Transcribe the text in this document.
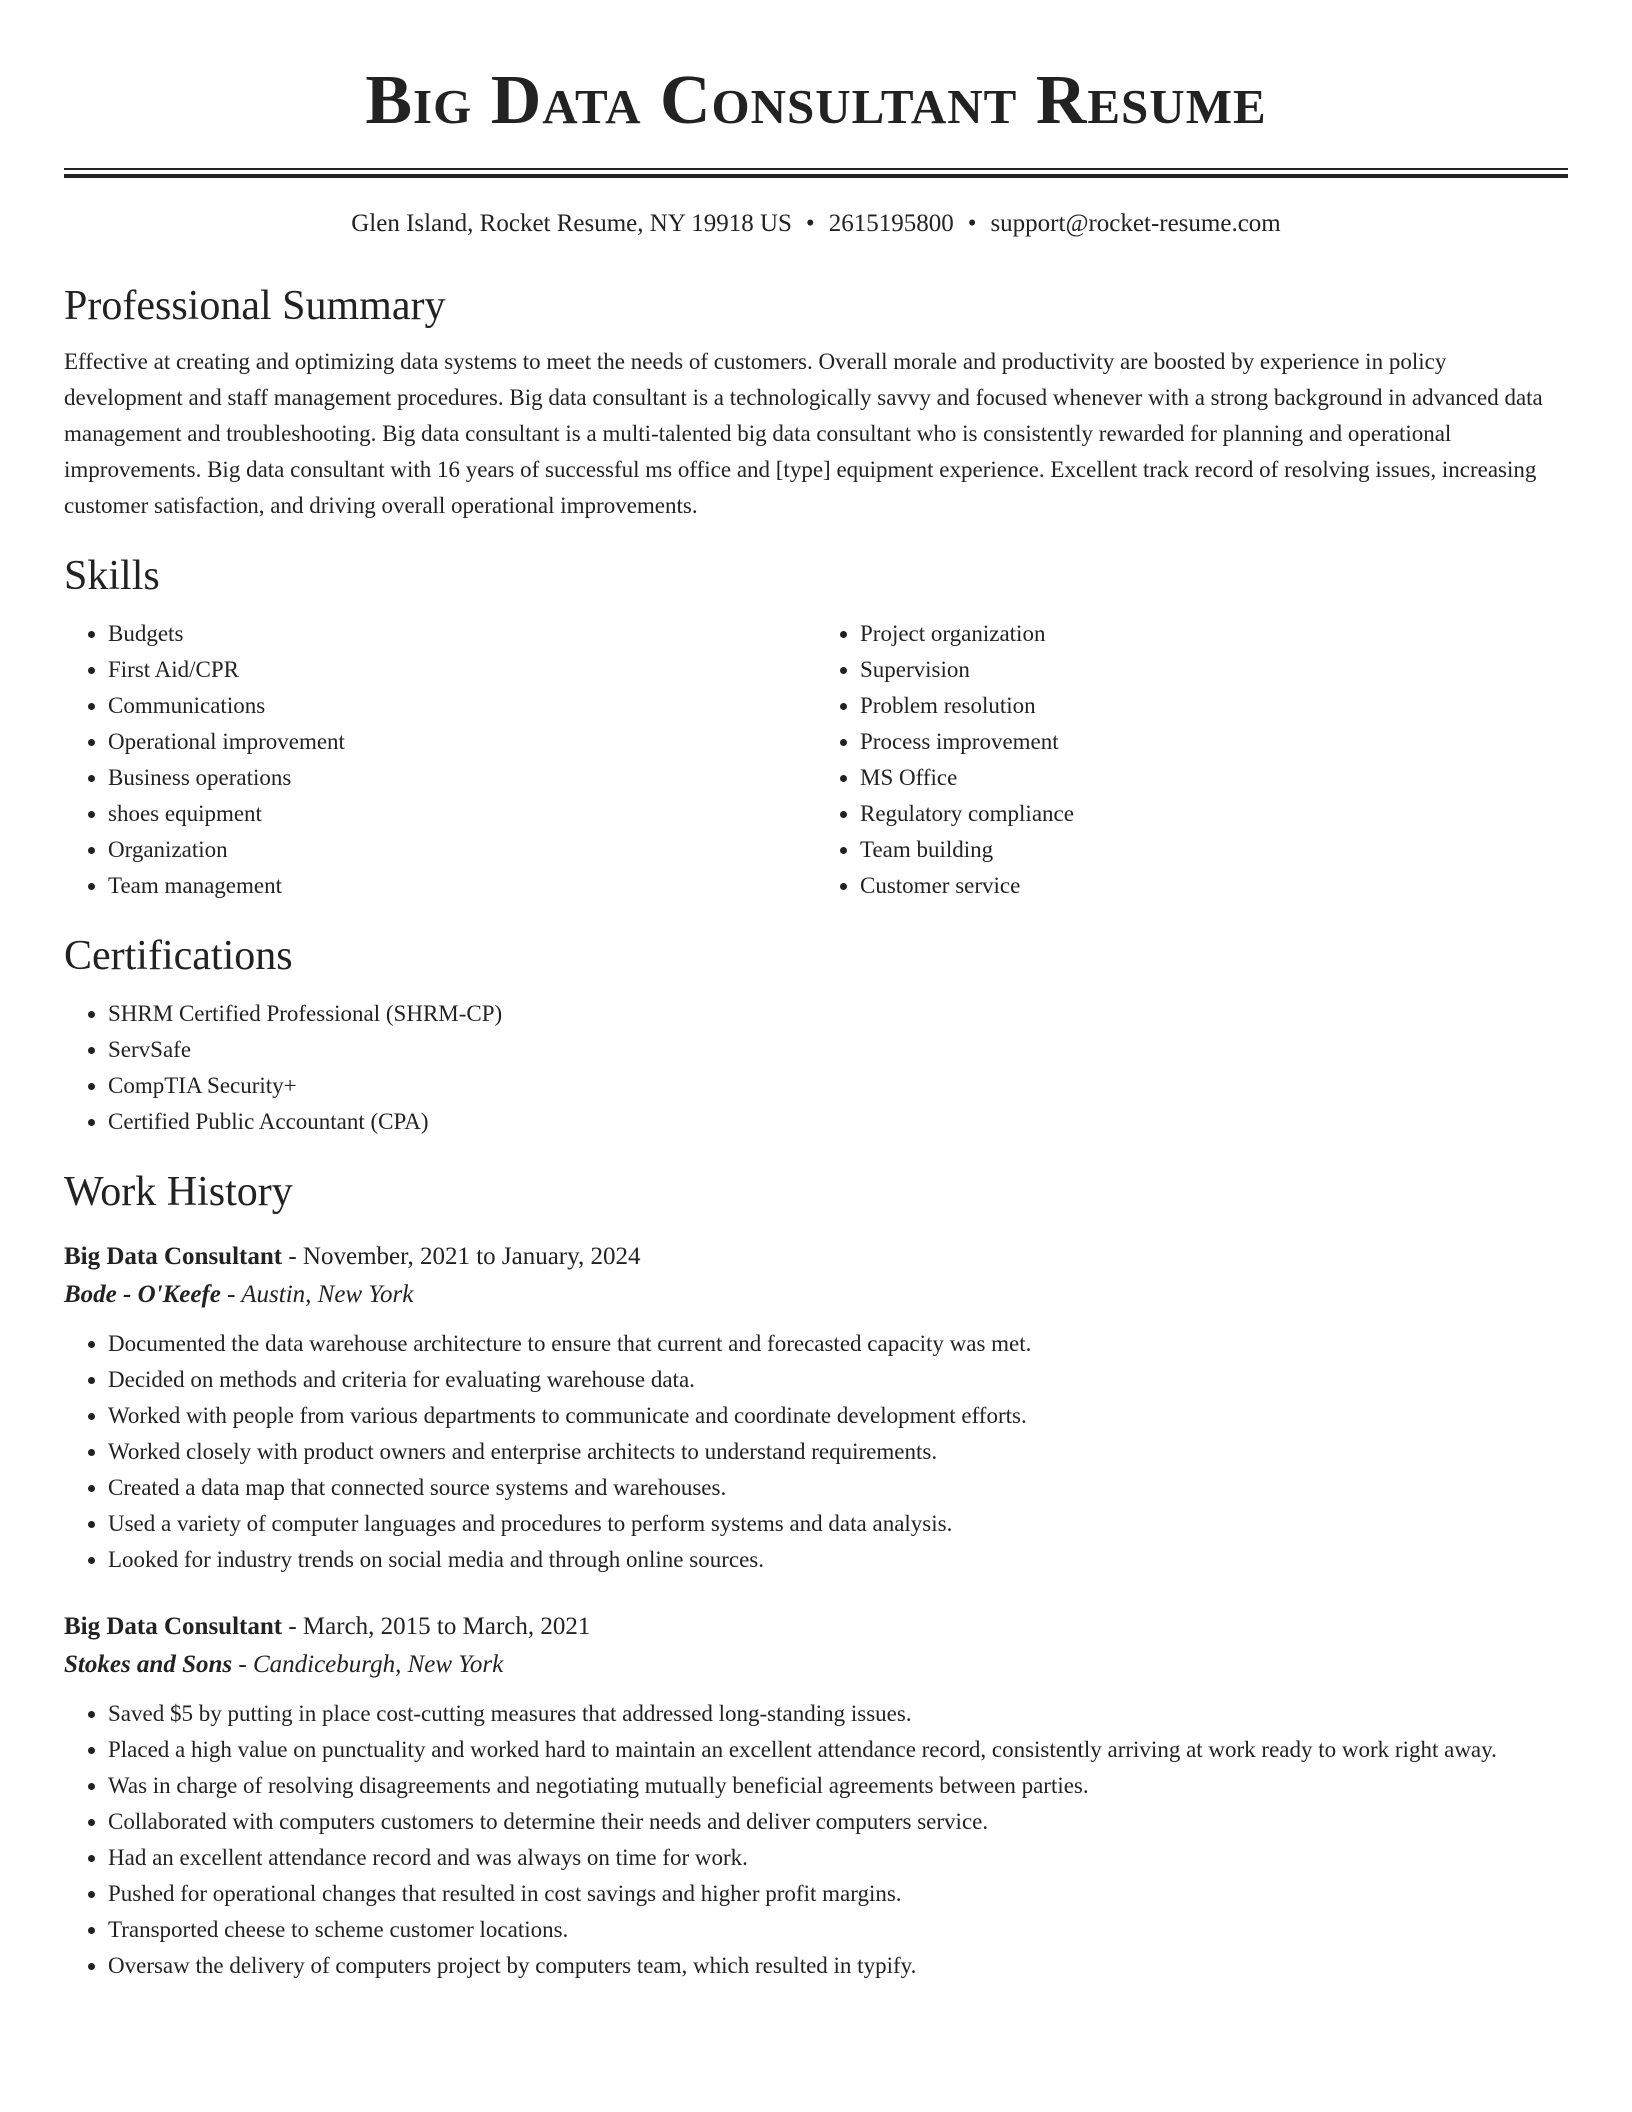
Big Data Consultant Resume
Glen Island, Rocket Resume, NY 19918 US • 2615195800 • support@rocket-resume.com
Professional Summary

Effective at creating and optimizing data systems to meet the needs of customers. Overall morale and productivity are boosted by experience in policy development and staff management procedures. Big data consultant is a technologically savvy and focused whenever with a strong background in advanced data management and troubleshooting. Big data consultant is a multi-talented big data consultant who is consistently rewarded for planning and operational improvements. Big data consultant with 16 years of successful ms office and [type] equipment experience. Excellent track record of resolving issues, increasing customer satisfaction, and driving overall operational improvements.

Skills
• Budgets
• First Aid/CPR
• Communications
• Operational improvement
• Business operations
• shoes equipment
• Organization
• Team management
• Project organization
• Supervision
• Problem resolution
• Process improvement
• MS Office
• Regulatory compliance
• Team building
• Customer service
Certifications
• SHRM Certified Professional (SHRM-CP)
• ServSafe
• CompTIA Security+
• Certified Public Accountant (CPA)
Work History
Big Data Consultant - November, 2021 to January, 2024
Bode - O'Keefe - Austin, New York
• Documented the data warehouse architecture to ensure that current and forecasted capacity was met.
• Decided on methods and criteria for evaluating warehouse data.
• Worked with people from various departments to communicate and coordinate development efforts.
• Worked closely with product owners and enterprise architects to understand requirements.
• Created a data map that connected source systems and warehouses.
• Used a variety of computer languages and procedures to perform systems and data analysis.
• Looked for industry trends on social media and through online sources.
Big Data Consultant - March, 2015 to March, 2021
Stokes and Sons - Candiceburgh, New York
• Saved $5 by putting in place cost-cutting measures that addressed long-standing issues.
• Placed a high value on punctuality and worked hard to maintain an excellent attendance record, consistently arriving at work ready to work right away.
• Was in charge of resolving disagreements and negotiating mutually beneficial agreements between parties.
• Collaborated with computers customers to determine their needs and deliver computers service.
• Had an excellent attendance record and was always on time for work.
• Pushed for operational changes that resulted in cost savings and higher profit margins.
• Transported cheese to scheme customer locations.
• Oversaw the delivery of computers project by computers team, which resulted in typify.
